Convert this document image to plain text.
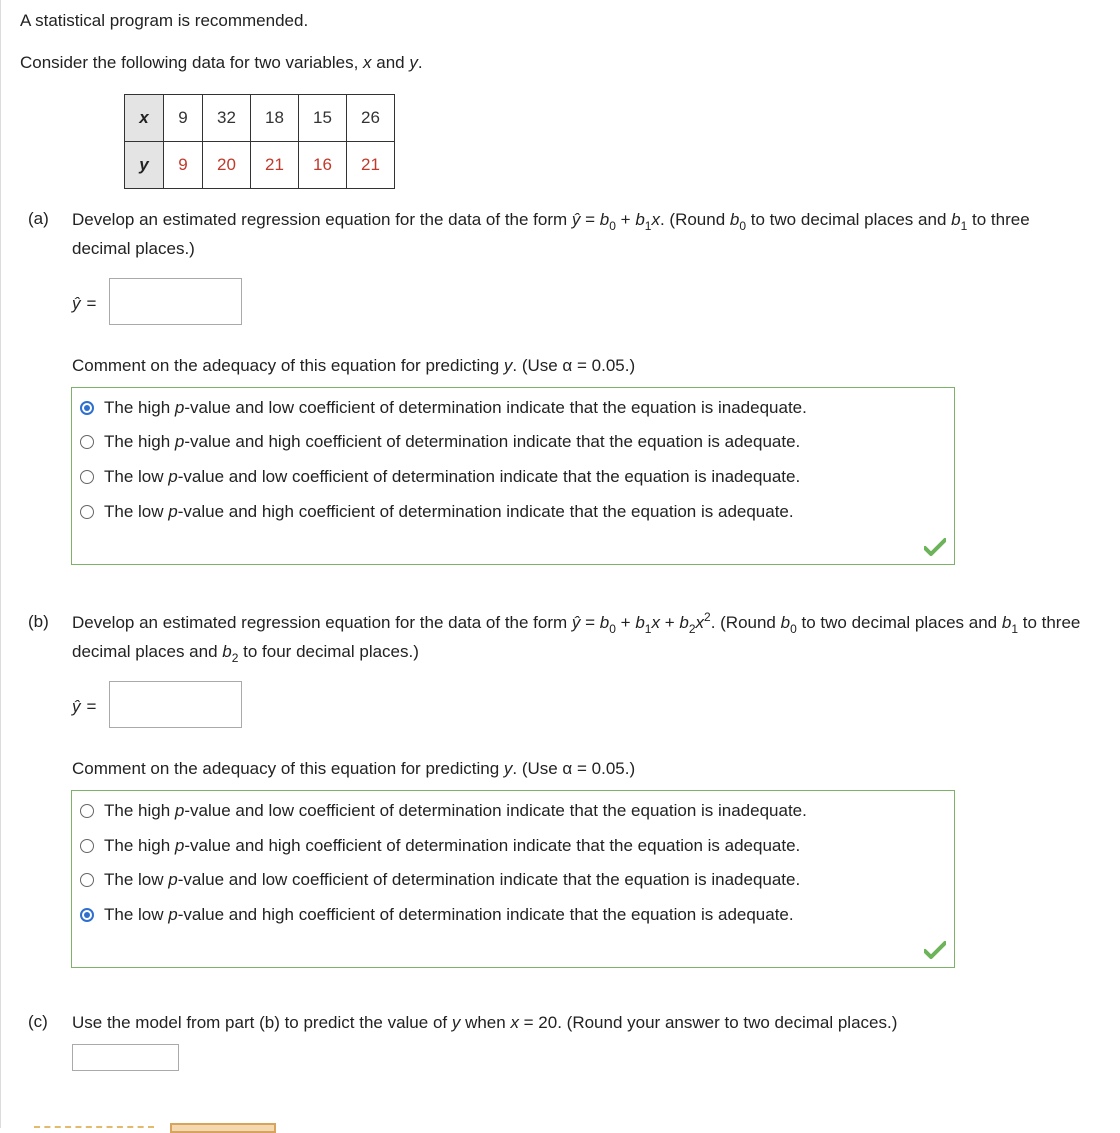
A statistical program is recommended.
Consider the following data for two variables, x and y.
x	9	32	18	15	26
y	9	20	21	16	21
(a) Develop an estimated regression equation for the data of the form ŷ = $b_0 + b_1x$. (Round $b_0$ to two decimal places and $b_1$ to three decimal places.)
ŷ =
Comment on the adequacy of this equation for predicting y. (Use α = 0.05.)
The high p-value and low coefficient of determination indicate that the equation is inadequate.
The high p-value and high coefficient of determination indicate that the equation is adequate.
The low p-value and low coefficient of determination indicate that the equation is inadequate.
The low p-value and high coefficient of determination indicate that the equation is adequate.
(b) Develop an estimated regression equation for the data of the form ŷ = $b_0 + b_1x + b_2x^2$. (Round $b_0$ to two decimal places and $b_1$ to three decimal places and $b_2$ to four decimal places.)
ŷ =
Comment on the adequacy of this equation for predicting y. (Use α = 0.05.)
The high p-value and low coefficient of determination indicate that the equation is inadequate.
The high p-value and high coefficient of determination indicate that the equation is adequate.
The low p-value and low coefficient of determination indicate that the equation is inadequate.
The low p-value and high coefficient of determination indicate that the equation is adequate.
(c) Use the model from part (b) to predict the value of y when x = 20. (Round your answer to two decimal places.)
